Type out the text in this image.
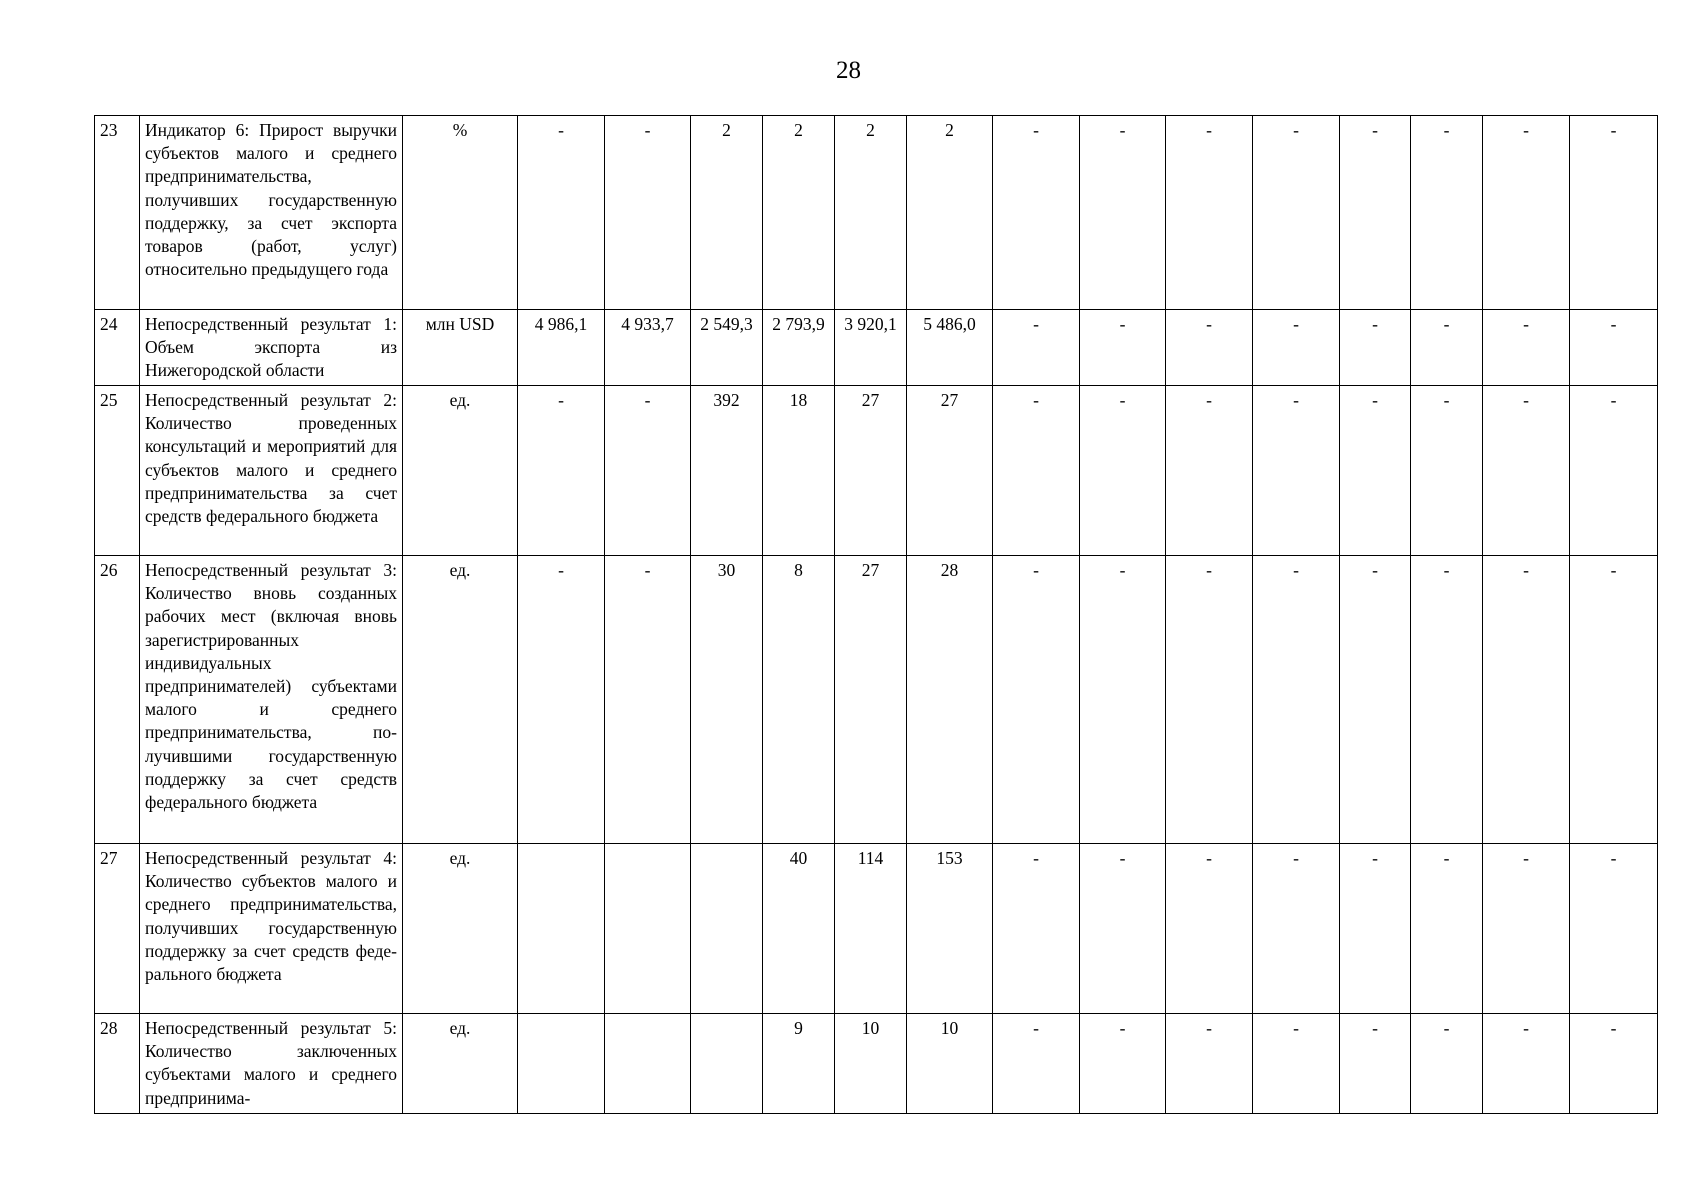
28
23	Индикатор 6: Прирост выручки субъектов малого и среднего предпринимательства, получивших государственную поддержку, за счет экспорта товаров (работ, услуг) относительно предыдущего года	%	-	-	2	2	2	2	-	-	-	-	-	-	-	-
24	Непосредственный результат 1: Объем экспорта из Нижегородской области	млн USD	4 986,1	4 933,7	2 549,3	2 793,9	3 920,1	5 486,0	-	-	-	-	-	-	-	-
25	Непосредственный результат 2: Количество проведенных консультаций и мероприятий для субъектов малого и среднего предпринимательства за счет средств федерального бюджета	ед.	-	-	392	18	27	27	-	-	-	-	-	-	-	-
26	Непосредственный результат 3: Количество вновь созданных рабочих мест (включая вновь зарегистрированных индивидуальных предпринимателей) субъектами малого и среднего предпринимательства, получившими государственную поддержку за счет средств федерального бюджета	ед.	-	-	30	8	27	28	-	-	-	-	-	-	-	-
27	Непосредственный результат 4: Количество субъектов малого и среднего предпринимательства, получивших государственную поддержку за счет средств федерального бюджета	ед.				40	114	153	-	-	-	-	-	-	-	-
28	Непосредственный результат 5: Количество заключенных субъектами малого и среднего предпринима-	ед.				9	10	10	-	-	-	-	-	-	-	-
